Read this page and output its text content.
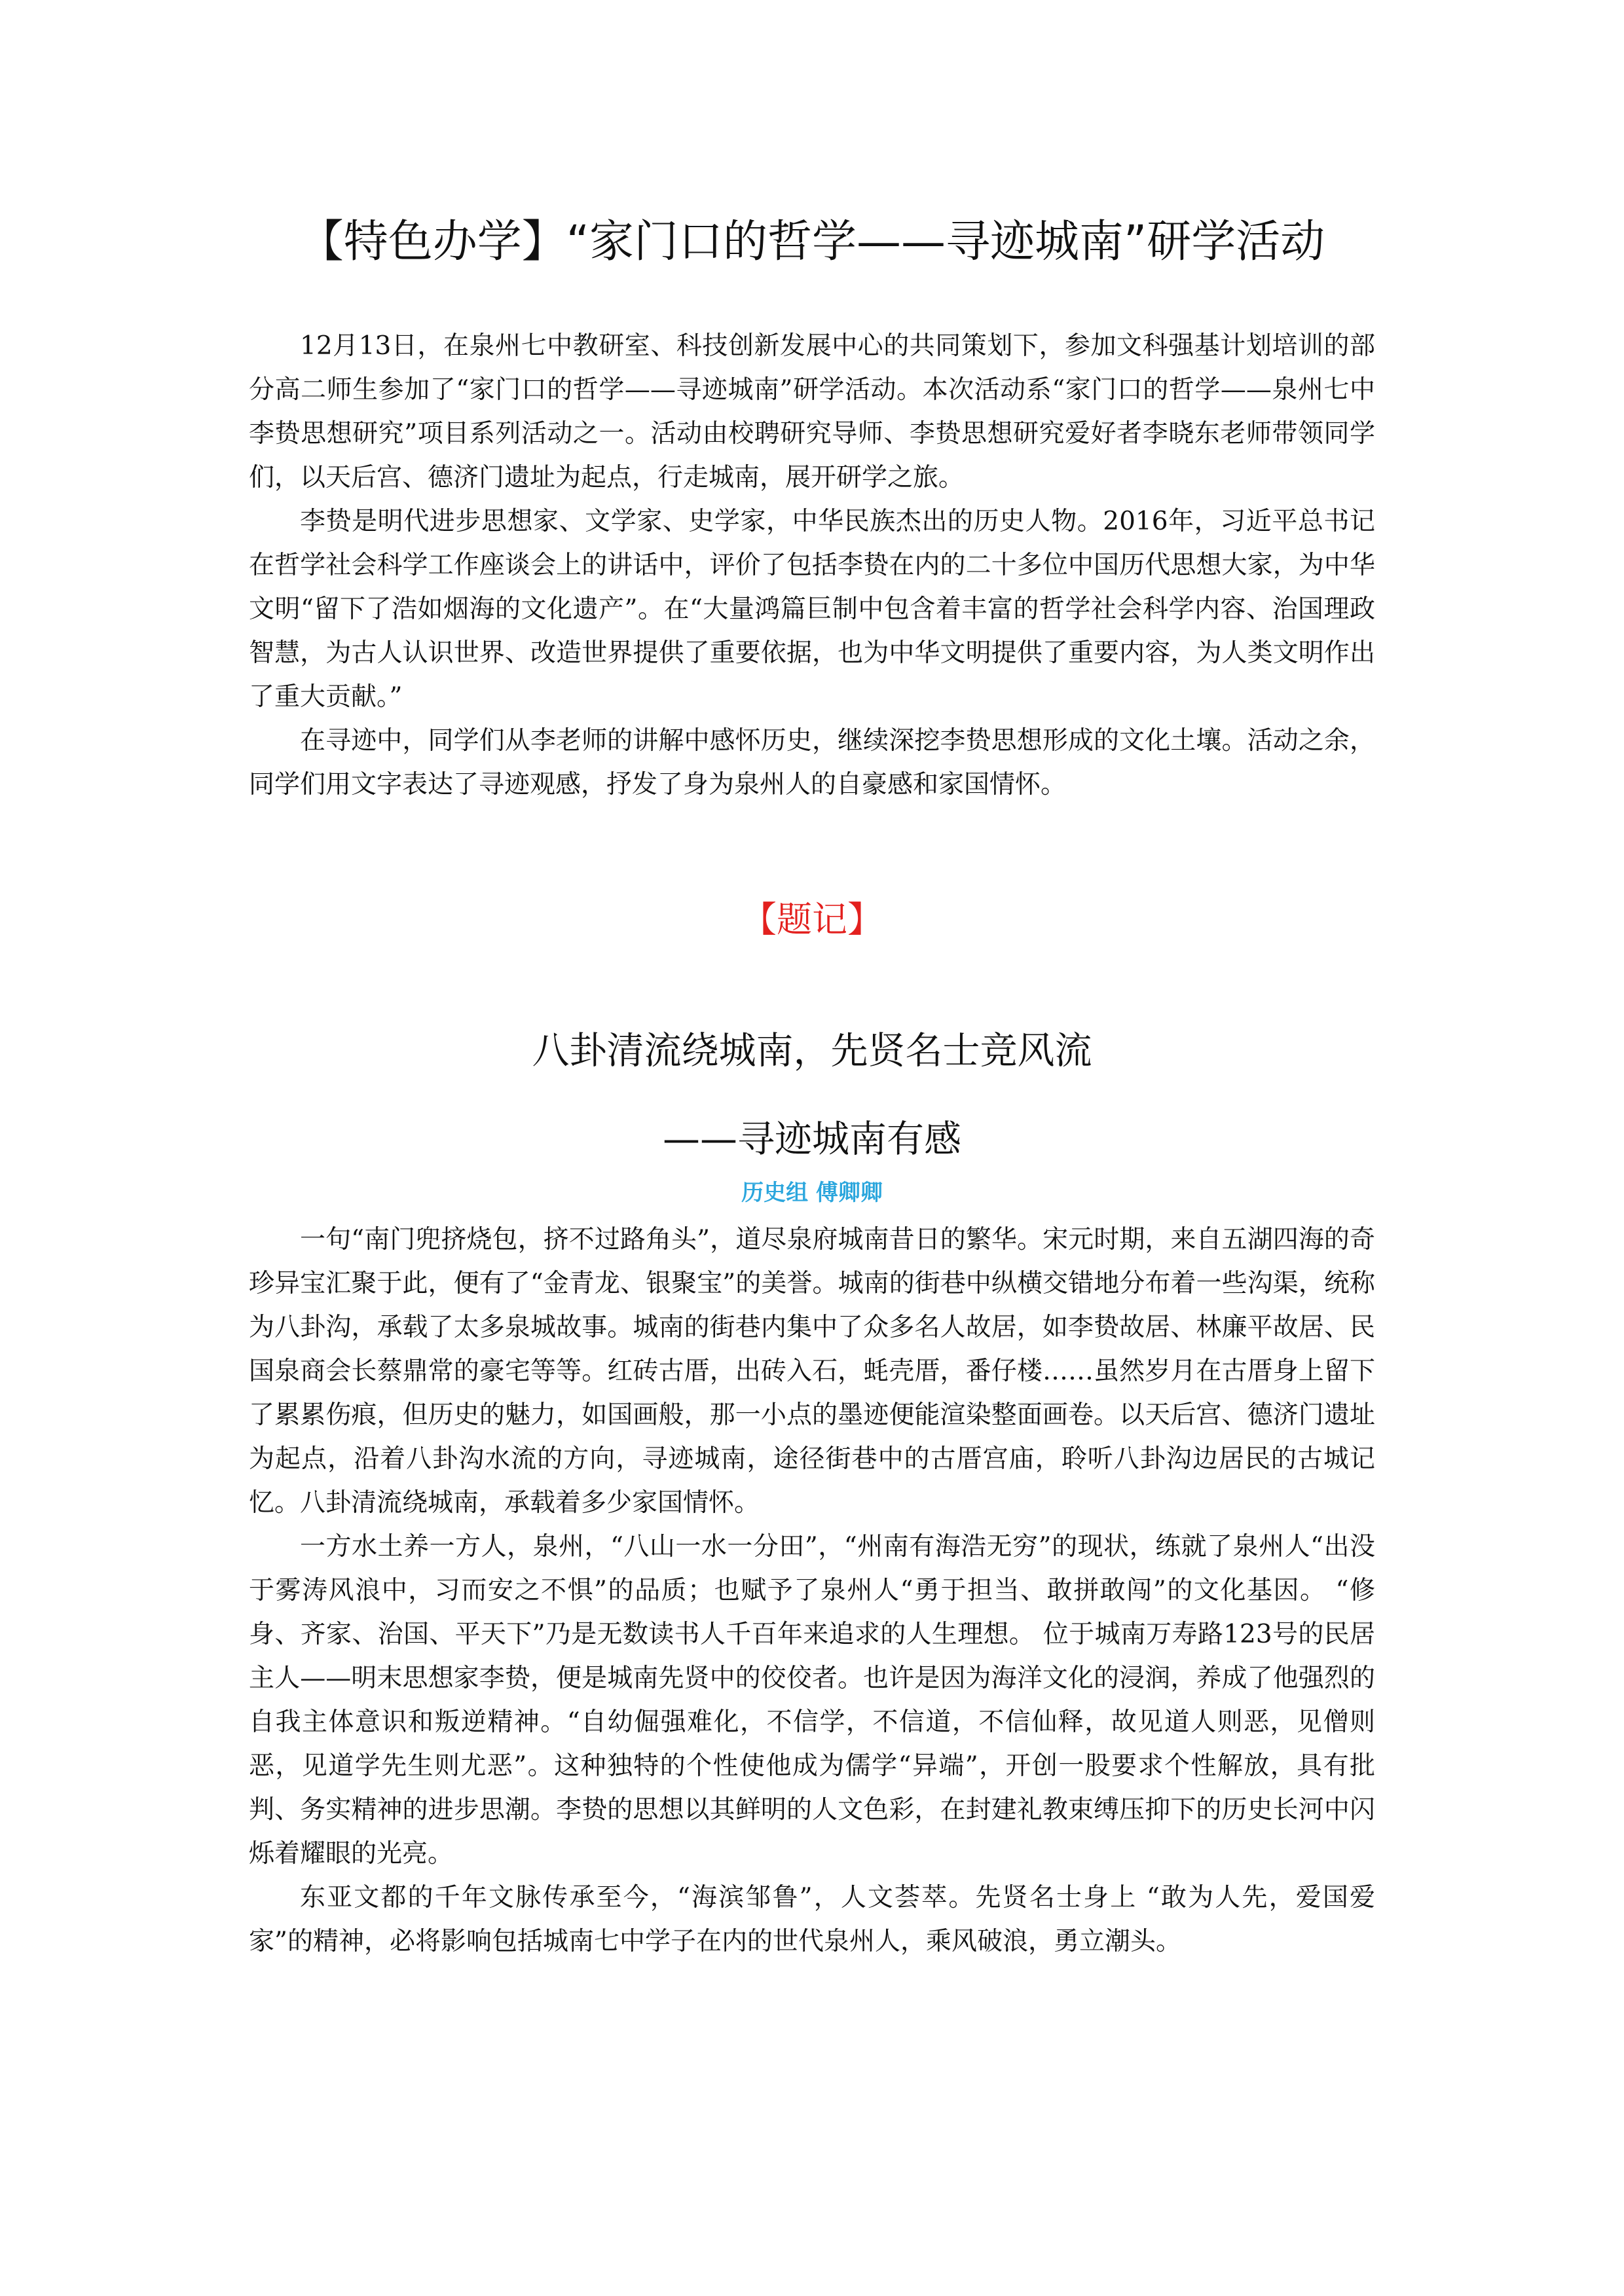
【特色办学】“家门口的哲学——寻迹城南”研学活动

12月13日，在泉州七中教研室、科技创新发展中心的共同策划下，参加文科强基计划培训的部分高二师生参加了“家门口的哲学——寻迹城南”研学活动。本次活动系“家门口的哲学——泉州七中李贽思想研究”项目系列活动之一。活动由校聘研究导师、李贽思想研究爱好者李晓东老师带领同学们，以天后宫、德济门遗址为起点，行走城南，展开研学之旅。

李贽是明代进步思想家、文学家、史学家，中华民族杰出的历史人物。2016年，习近平总书记在哲学社会科学工作座谈会上的讲话中，评价了包括李贽在内的二十多位中国历代思想大家，为中华文明“留下了浩如烟海的文化遗产”。在“大量鸿篇巨制中包含着丰富的哲学社会科学内容、治国理政智慧，为古人认识世界、改造世界提供了重要依据，也为中华文明提供了重要内容，为人类文明作出了重大贡献。”

在寻迹中，同学们从李老师的讲解中感怀历史，继续深挖李贽思想形成的文化土壤。活动之余，同学们用文字表达了寻迹观感，抒发了身为泉州人的自豪感和家国情怀。

【题记】
八卦清流绕城南，先贤名士竞风流
——寻迹城南有感
历史组 傅卿卿

一句“南门兜挤烧包，挤不过路角头”，道尽泉府城南昔日的繁华。宋元时期，来自五湖四海的奇珍异宝汇聚于此，便有了“金青龙、银聚宝”的美誉。城南的街巷中纵横交错地分布着一些沟渠，统称为八卦沟，承载了太多泉城故事。城南的街巷内集中了众多名人故居，如李贽故居、林廉平故居、民国泉商会长蔡鼎常的豪宅等等。红砖古厝，出砖入石，蚝壳厝，番仔楼……虽然岁月在古厝身上留下了累累伤痕，但历史的魅力，如国画般，那一小点的墨迹便能渲染整面画卷。以天后宫、德济门遗址为起点，沿着八卦沟水流的方向，寻迹城南，途径街巷中的古厝宫庙，聆听八卦沟边居民的古城记忆。八卦清流绕城南，承载着多少家国情怀。

一方水土养一方人，泉州，“八山一水一分田”，“州南有海浩无穷”的现状，练就了泉州人“出没于雾涛风浪中，习而安之不惧”的品质；也赋予了泉州人“勇于担当、敢拼敢闯”的文化基因。 “修身、齐家、治国、平天下”乃是无数读书人千百年来追求的人生理想。 位于城南万寿路123号的民居主人——明末思想家李贽，便是城南先贤中的佼佼者。也许是因为海洋文化的浸润，养成了他强烈的自我主体意识和叛逆精神。“自幼倔强难化，不信学，不信道，不信仙释，故见道人则恶，见僧则恶，见道学先生则尤恶”。这种独特的个性使他成为儒学“异端”，开创一股要求个性解放，具有批判、务实精神的进步思潮。李贽的思想以其鲜明的人文色彩，在封建礼教束缚压抑下的历史长河中闪烁着耀眼的光亮。

东亚文都的千年文脉传承至今，“海滨邹鲁”，人文荟萃。先贤名士身上 “敢为人先，爱国爱家”的精神，必将影响包括城南七中学子在内的世代泉州人，乘风破浪，勇立潮头。
